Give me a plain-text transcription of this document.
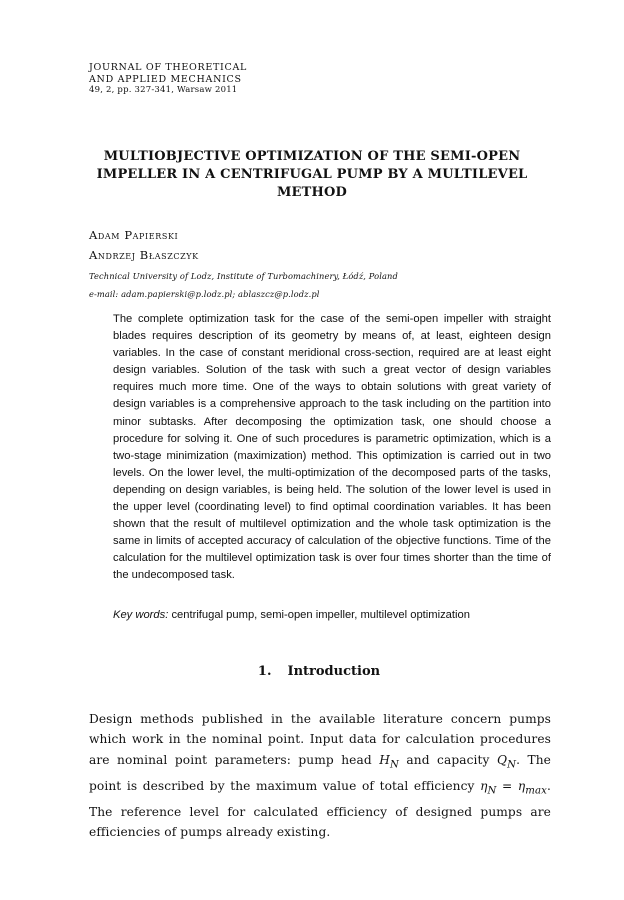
JOURNAL OF THEORETICAL
AND APPLIED MECHANICS
49, 2, pp. 327-341, Warsaw 2011
MULTIOBJECTIVE OPTIMIZATION OF THE SEMI-OPEN
IMPELLER IN A CENTRIFUGAL PUMP BY A MULTILEVEL
METHOD
Adam Papierski
Andrzej Błaszczyk
Technical University of Lodz, Institute of Turbomachinery, Łódź, Poland
e-mail: adam.papierski@p.lodz.pl; ablaszcz@p.lodz.pl

The complete optimization task for the case of the semi-open impeller with straight blades requires description of its geometry by means of, at least, eighteen design variables. In the case of constant meridional cross-section, required are at least eight design variables. Solution of the task with such a great vector of design variables requires much more time. One of the ways to obtain solutions with great variety of design variables is a comprehensive approach to the task including on the partition into minor subtasks. After decomposing the optimization task, one should choose a procedure for solving it. One of such procedures is parametric optimization, which is a two-stage minimization (maximization) method. This optimization is carried out in two levels. On the lower level, the multi-optimization of the decomposed parts of the tasks, depending on design variables, is being held. The solution of the lower level is used in the upper level (coordinating level) to find optimal coordination variables. It has been shown that the result of multilevel optimization and the whole task optimization is the same in limits of accepted accuracy of calculation of the objective functions. Time of the calculation for the multilevel optimization task is over four times shorter than the time of the undecomposed task.

Key words: centrifugal pump, semi-open impeller, multilevel optimization
1. Introduction

Design methods published in the available literature concern pumps which work in the nominal point. Input data for calculation procedures are nominal point parameters: pump head $H_N$ and capacity $Q_N$. The point is described by the maximum value of total efficiency $\eta_N = \eta_{max}$. The reference level for calculated efficiency of designed pumps are efficiencies of pumps already existing.
